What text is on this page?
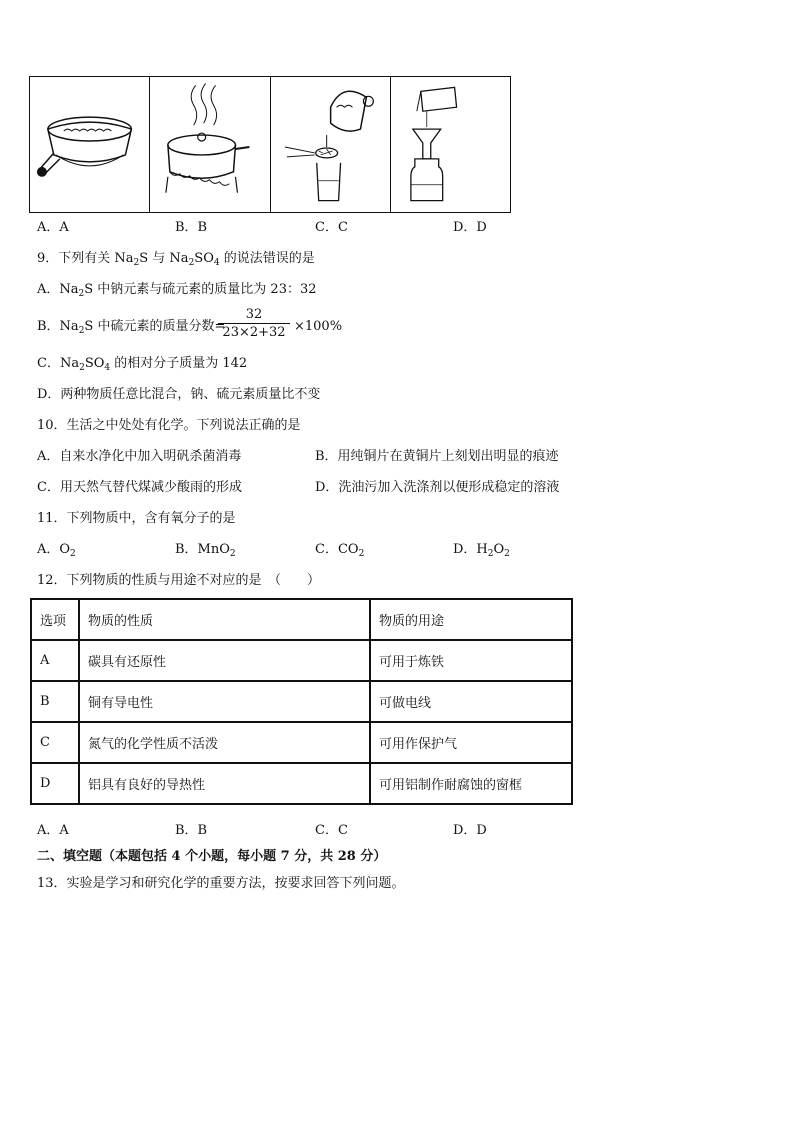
A．A	B．B	C．C	D．D
9．下列有关 $Na_2S$ 与 $Na_2SO_4$ 的说法错误的是
A．$Na_2S$ 中钠元素与硫元素的质量比为 23：32
B．$Na_2S$ 中硫元素的质量分数=
32
23×2+32 ×100%
C．$Na_2SO_4$ 的相对分子质量为 142
D．两种物质任意比混合，钠、硫元素质量比不变
10．生活之中处处有化学。下列说法正确的是
A．自来水净化中加入明矾杀菌消毒	B．用纯铜片在黄铜片上刻划出明显的痕迹
C．用天然气替代煤减少酸雨的形成	D．洗油污加入洗涤剂以便形成稳定的溶液
11．下列物质中，含有氧分子的是
A．$O_2$	B．MnO$_2$	C．$CO_2$	D．$H_2O_2$
12．下列物质的性质与用途不对应的是　（　　）
选项	物质的性质	物质的用途
A	碳具有还原性	可用于炼铁
B	铜有导电性	可做电线
C	氮气的化学性质不活泼	可用作保护气
D	铝具有良好的导热性	可用铝制作耐腐蚀的窗框
A．A	B．B	C．C	D．D
二、填空题（本题包括 4 个小题，每小题 7 分，共 28 分）
13．实验是学习和研究化学的重要方法，按要求回答下列问题。
